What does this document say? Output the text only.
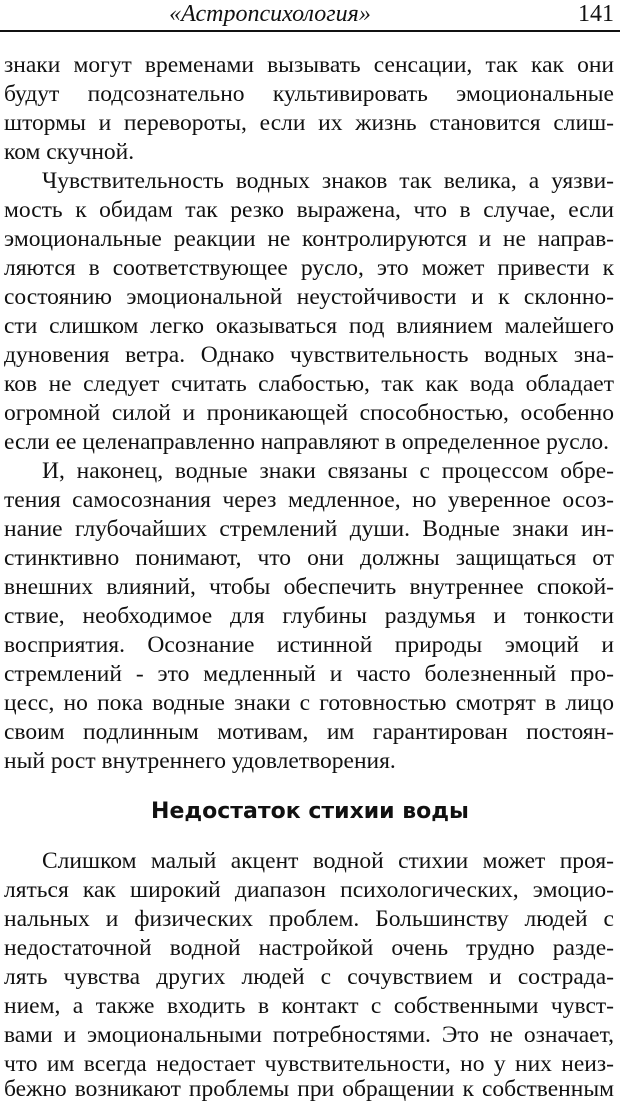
«Астропсихология»	141
знаки могут временами вызывать сенсации, так как они
будут подсознательно культивировать эмоциональные
штормы и перевороты, если их жизнь становится слиш-
ком скучной.
Чувствительность водных знаков так велика, а уязви-
мость к обидам так резко выражена, что в случае, если
эмоциональные реакции не контролируются и не направ-
ляются в соответствующее русло, это может привести к
состоянию эмоциональной неустойчивости и к склонно-
сти слишком легко оказываться под влиянием малейшего
дуновения ветра. Однако чувствительность водных зна-
ков не следует считать слабостью, так как вода обладает
огромной силой и проникающей способностью, особенно
если ее целенаправленно направляют в определенное русло.
И, наконец, водные знаки связаны с процессом обре-
тения самосознания через медленное, но уверенное осоз-
нание глубочайших стремлений души. Водные знаки ин-
стинктивно понимают, что они должны защищаться от
внешних влияний, чтобы обеспечить внутреннее спокой-
ствие, необходимое для глубины раздумья и тонкости
восприятия. Осознание истинной природы эмоций и
стремлений - это медленный и часто болезненный про-
цесс, но пока водные знаки с готовностью смотрят в лицо
своим подлинным мотивам, им гарантирован постоян-
ный рост внутреннего удовлетворения.
Недостаток стихии воды
Слишком малый акцент водной стихии может проя-
ляться как широкий диапазон психологических, эмоцио-
нальных и физических проблем. Большинству людей с
недостаточной водной настройкой очень трудно разде-
лять чувства других людей с сочувствием и сострада-
нием, а также входить в контакт с собственными чувст-
вами и эмоциональными потребностями. Это не означает,
что им всегда недостает чувствительности, но у них неиз-
бежно возникают проблемы при обращении к собственным
